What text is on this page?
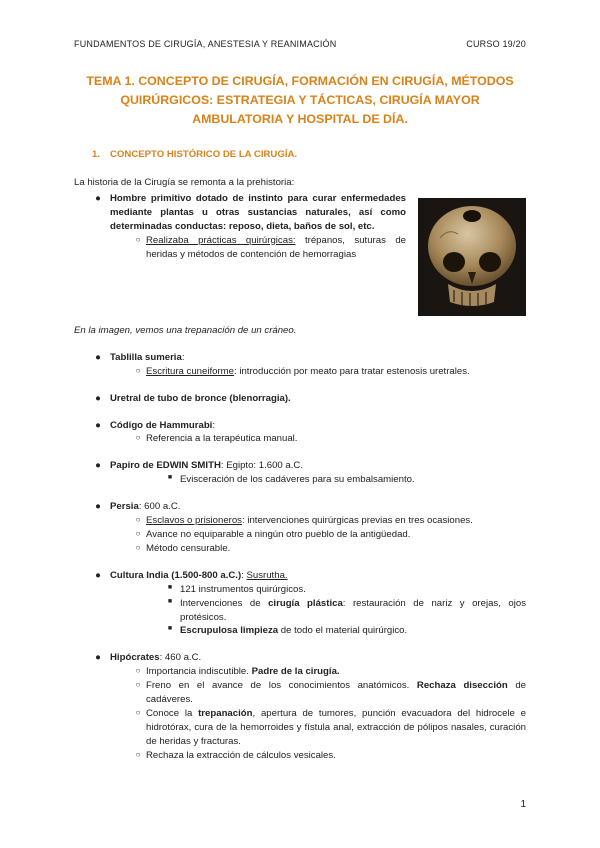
FUNDAMENTOS DE CIRUGÍA, ANESTESIA Y REANIMACIÓN	CURSO 19/20
TEMA 1. CONCEPTO DE CIRUGÍA, FORMACIÓN EN CIRUGÍA, MÉTODOS QUIRÚRGICOS: ESTRATEGIA Y TÁCTICAS, CIRUGÍA MAYOR AMBULATORIA Y HOSPITAL DE DÍA.
1. CONCEPTO HISTÓRICO DE LA CIRUGÍA.

La historia de la Cirugía se remonta a la prehistoria:

● Hombre primitivo dotado de instinto para curar enfermedades mediante plantas u otras sustancias naturales, así como determinadas conductas: reposo, dieta, baños de sol, etc.
○ Realizaba prácticas quirúrgicas: trépanos, suturas de heridas y métodos de contención de hemorragias

En la imagen, vemos una trepanación de un cráneo.

● Tablilla sumeria:
○ Escritura cuneiforme: introducción por meato para tratar estenosis uretrales.
● Uretral de tubo de bronce (blenorragia).
● Código de Hammurabi:
○ Referencia a la terapéutica manual.
● Papiro de EDWIN SMITH: Egipto: 1.600 a.C.
■ Evisceración de los cadáveres para su embalsamiento.
● Persia: 600 a.C.
○ Esclavos o prisioneros: intervenciones quirúrgicas previas en tres ocasiones.
○ Avance no equiparable a ningún otro pueblo de la antigüedad.
○ Método censurable.
● Cultura India (1.500-800 a.C.): Susrutha.
■ 121 instrumentos quirúrgicos.
■ Intervenciones de cirugía plástica: restauración de nariz y orejas, ojos protésicos.
■ Escrupulosa limpieza de todo el material quirúrgico.
● Hipócrates: 460 a.C.
○ Importancia indiscutible. Padre de la cirugía.
○ Freno en el avance de los conocimientos anatómicos. Rechaza disección de cadáveres.
○ Conoce la trepanación, apertura de tumores, punción evacuadora del hidrocele e hidrotórax, cura de la hemorroides y fístula anal, extracción de pólipos nasales, curación de heridas y fracturas.
○ Rechaza la extracción de cálculos vesicales.
1
